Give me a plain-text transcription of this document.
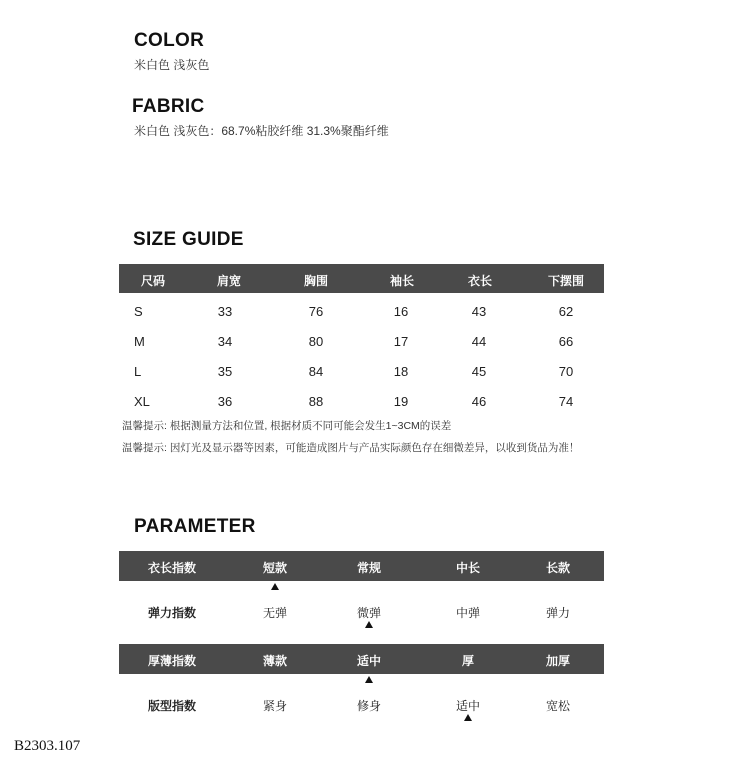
COLOR
米白色 浅灰色
FABRIC
米白色 浅灰色：68.7%粘胶纤维 31.3%聚酯纤维
SIZE GUIDE
尺码	肩宽	胸围	袖长	衣长	下摆围
S	33	76	16	43	62
M	34	80	17	44	66
L	35	84	18	45	70
XL	36	88	19	46	74
温馨提示: 根据测量方法和位置, 根据材质不同可能会发生1~3CM的误差
温馨提示: 因灯光及显示器等因素，可能造成图片与产品实际颜色存在细微差异，以收到货品为准！
PARAMETER
衣长指数	短款	常规	中长	长款
弹力指数	无弹	微弹	中弹	弹力
厚薄指数	薄款	适中	厚	加厚
版型指数	紧身	修身	适中	宽松
B2303.107
